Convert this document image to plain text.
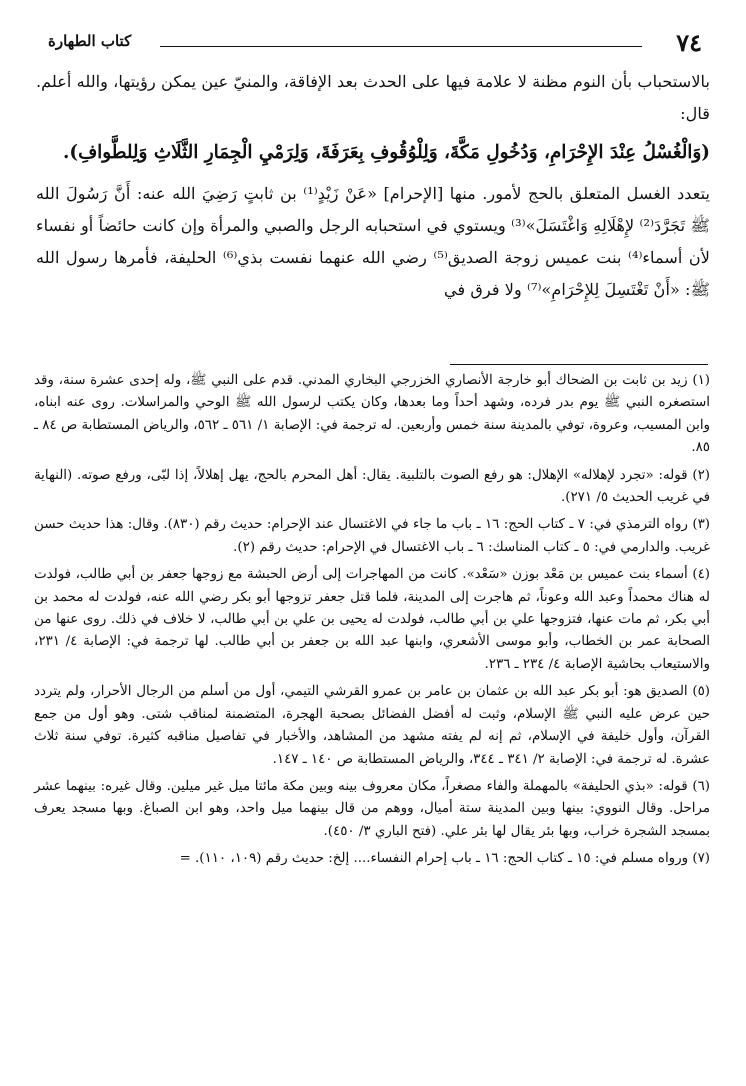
٧٤
كتاب الطهارة

بالاستحباب بأن النوم مظنة لا علامة فيها على الحدث بعد الإفاقة، والمنيّ عين يمكن رؤيتها، والله أعلم. قال:

(وَالْغُسْلُ عِنْدَ الإِحْرَامِ، وَدُخُولِ مَكَّةَ، وَلِلْوُقُوفِ بِعَرَفَةَ، وَلِرَمْيِ الْجِمَارِ الثَّلَاثِ وَلِلطَّوافِ).

يتعدد الغسل المتعلق بالحج لأمور. منها [الإحرام] «عَنْ زَيْدٍ⁽¹⁾ بن ثابتٍ رَضِيَ الله عنه: أَنَّ رَسُولَ الله ﷺ تَجَرَّدَ⁽²⁾ لإِهْلَالِهِ وَاغْتَسَلَ»⁽³⁾ ويستوي في استحبابه الرجل والصبي والمرأة وإن كانت حائضاً أو نفساء لأن أسماء⁽⁴⁾ بنت عميس زوجة الصديق⁽⁵⁾ رضي الله عنهما نفست بذي⁽⁶⁾ الحليفة، فأمرها رسول الله ﷺ: «أَنْ تَغْتَسِلَ لِلإِحْرَامِ»⁽⁷⁾ ولا فرق في

(١) زيد بن ثابت بن الضحاك أبو خارجة الأنصاري الخزرجي البخاري المدني. قدم على النبي ﷺ، وله إحدى عشرة سنة، وقد استصغره النبي ﷺ يوم بدر فرده، وشهد أحداً وما بعدها، وكان يكتب لرسول الله ﷺ الوحي والمراسلات. روى عنه ابناه، وابن المسيب، وعروة، توفي بالمدينة سنة خمس وأربعين. له ترجمة في: الإصابة ١/ ٥٦١ ـ ٥٦٢، والرياض المستطابة ص ٨٤ ـ ٨٥.

(٢) قوله: «تجرد لإهلاله» الإهلال: هو رفع الصوت بالتلبية. يقال: أهل المحرم بالحج، يهل إهلالاً، إذا لبّى، ورفع صوته. (النهاية في غريب الحديث ٥/ ٢٧١).

(٣) رواه الترمذي في: ٧ ـ كتاب الحج: ١٦ ـ باب ما جاء في الاغتسال عند الإحرام: حديث رقم (٨٣٠). وقال: هذا حديث حسن غريب. والدارمي في: ٥ ـ كتاب المناسك: ٦ ـ باب الاغتسال في الإحرام: حديث رقم (٢).

(٤) أسماء بنت عميس بن مَعْد بوزن «سَعْد». كانت من المهاجرات إلى أرض الحبشة مع زوجها جعفر بن أبي طالب، فولدت له هناك محمداً وعبد الله وعوناً، ثم هاجرت إلى المدينة، فلما قتل جعفر تزوجها أبو بكر رضي الله عنه، فولدت له محمد بن أبي بكر، ثم مات عنها، فتزوجها علي بن أبي طالب، فولدت له يحيى بن علي بن أبي طالب، لا خلاف في ذلك. روى عنها من الصحابة عمر بن الخطاب، وأبو موسى الأشعري، وابنها عبد الله بن جعفر بن أبي طالب. لها ترجمة في: الإصابة ٤/ ٢٣١، والاستيعاب بحاشية الإصابة ٤/ ٢٣٤ ـ ٢٣٦.

(٥) الصديق هو: أبو بكر عبد الله بن عثمان بن عامر بن عمرو القرشي التيمي، أول من أسلم من الرجال الأحرار، ولم يتردد حين عرض عليه النبي ﷺ الإسلام، وثبت له أفضل الفضائل بصحبة الهجرة، المتضمنة لمناقب شتى. وهو أول من جمع القرآن، وأول خليفة في الإسلام، ثم إنه لم يفته مشهد من المشاهد، والأخبار في تفاصيل مناقبه كثيرة. توفي سنة ثلاث عشرة. له ترجمة في: الإصابة ٢/ ٣٤١ ـ ٣٤٤، والرياض المستطابة ص ١٤٠ ـ ١٤٧.

(٦) قوله: «بذي الحليفة» بالمهملة والفاء مصغراً، مكان معروف بينه وبين مكة مائتا ميل غير ميلين. وقال غيره: بينهما عشر مراحل. وقال النووي: بينها وبين المدينة ستة أميال، ووهم من قال بينهما ميل واحد، وهو ابن الصباغ. وبها مسجد يعرف بمسجد الشجرة خراب، وبها بئر يقال لها بئر علي. (فتح الباري ٣/ ٤٥٠).

(٧) ورواه مسلم في: ١٥ ـ كتاب الحج: ١٦ ـ باب إحرام النفساء.... إلخ: حديث رقم (١٠٩، ١١٠). =
